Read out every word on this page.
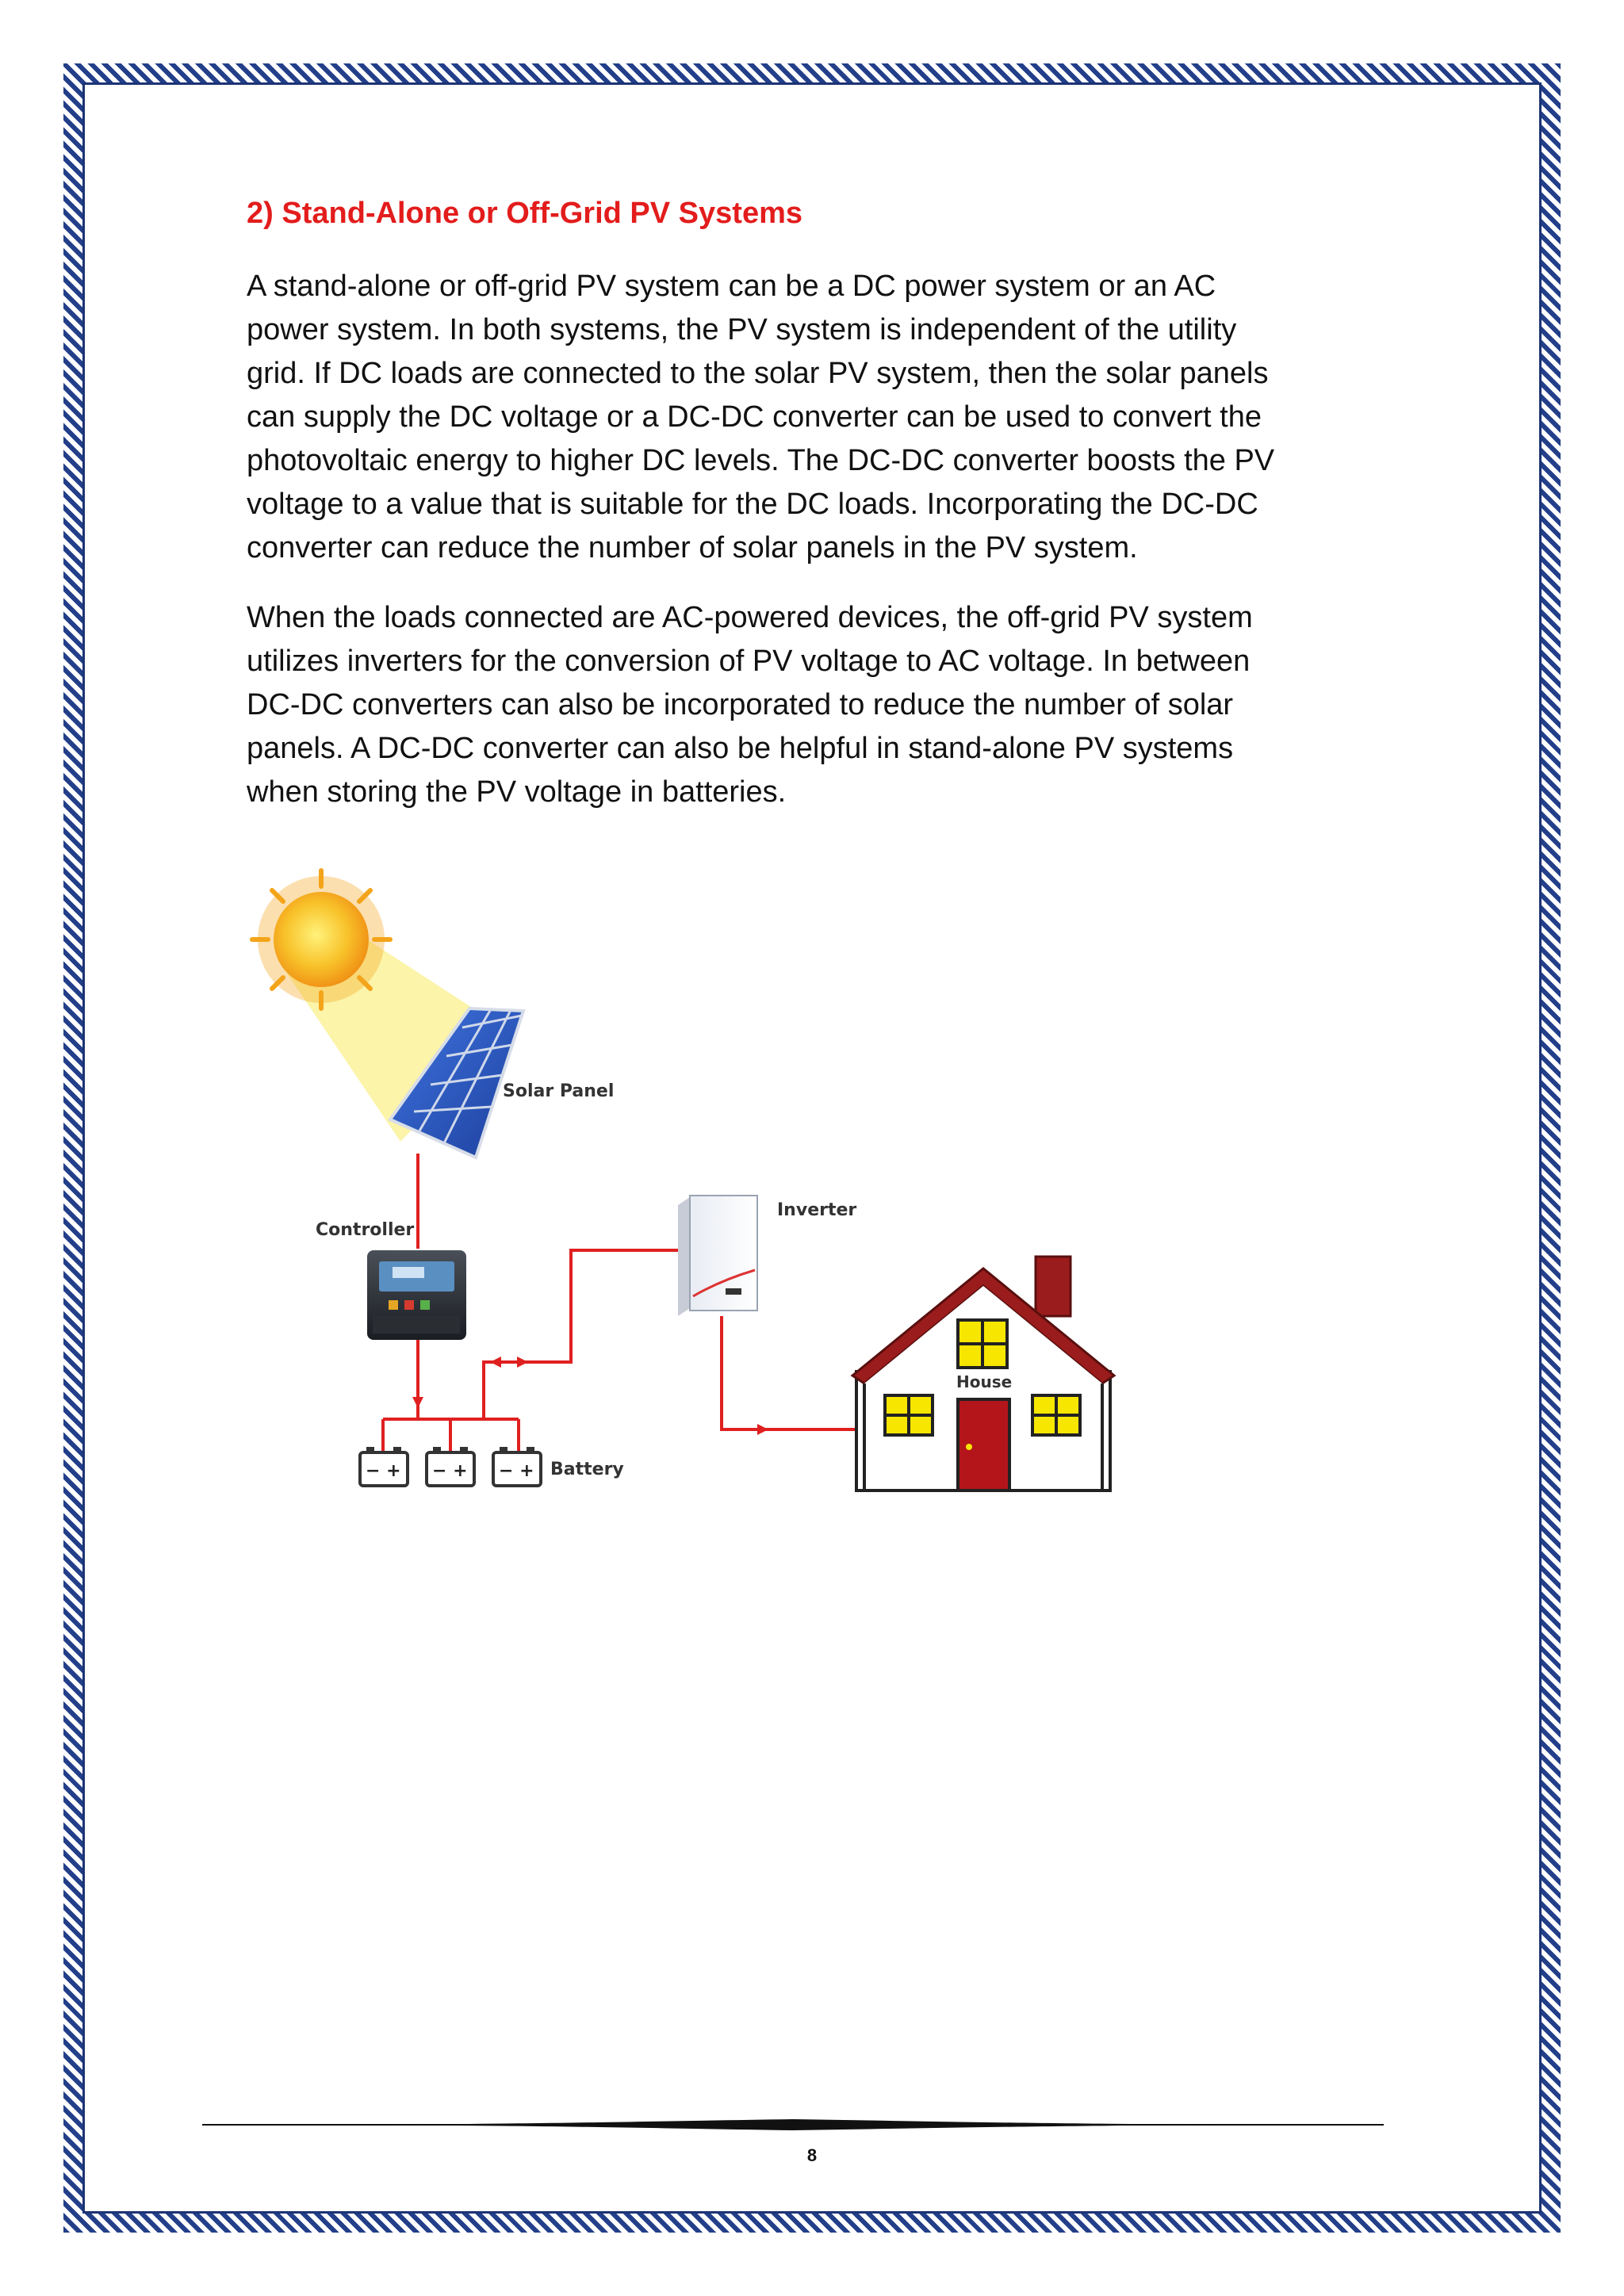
2) Stand-Alone or Off-Grid PV Systems

A stand-alone or off-grid PV system can be a DC power system or an AC
power system. In both systems, the PV system is independent of the utility
grid. If DC loads are connected to the solar PV system, then the solar panels
can supply the DC voltage or a DC-DC converter can be used to convert the
photovoltaic energy to higher DC levels. The DC-DC converter boosts the PV
voltage to a value that is suitable for the DC loads. Incorporating the DC-DC
converter can reduce the number of solar panels in the PV system.

When the loads connected are AC-powered devices, the off-grid PV system
utilizes inverters for the conversion of PV voltage to AC voltage. In between
DC-DC converters can also be incorporated to reduce the number of solar
panels. A DC-DC converter can also be helpful in stand-alone PV systems
when storing the PV voltage in batteries.

Solar Panel
Controller
Inverter
House
− + − + − + Battery
8
